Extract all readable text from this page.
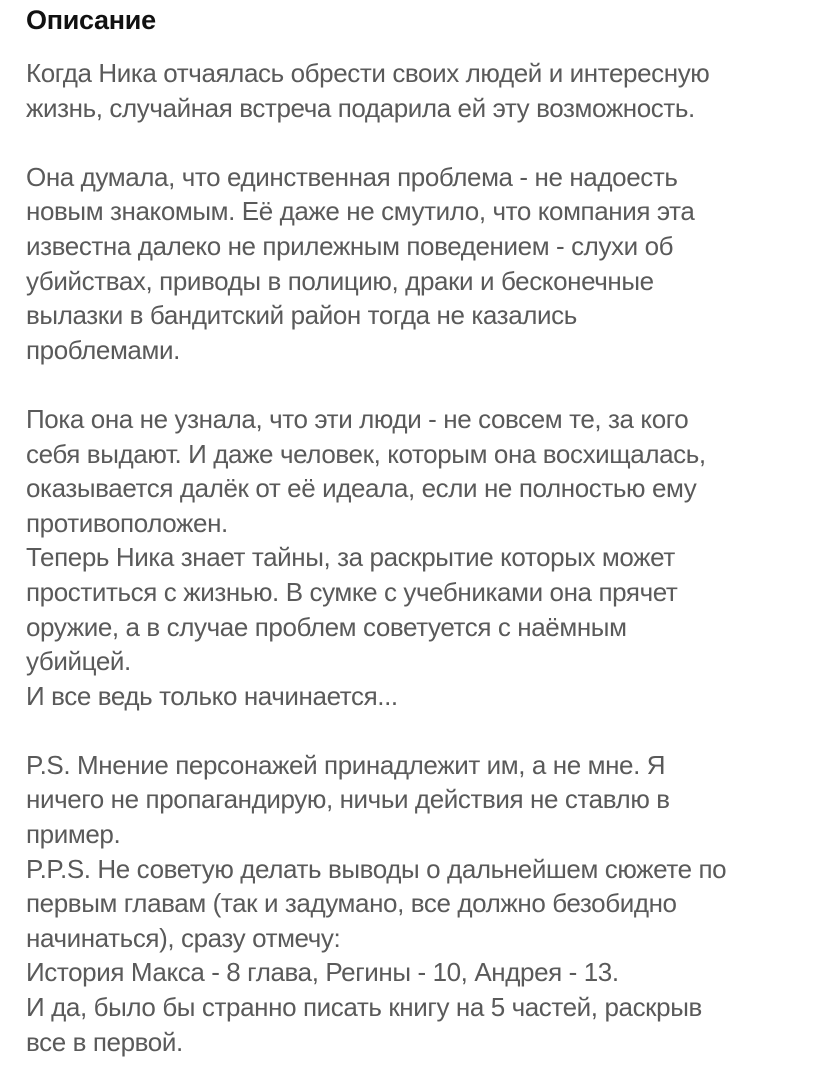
Описание
Когда Ника отчаялась обрести своих людей и интересную
жизнь, случайная встреча подарила ей эту возможность.
Она думала, что единственная проблема - не надоесть
новым знакомым. Её даже не смутило, что компания эта
известна далеко не прилежным поведением - слухи об
убийствах, приводы в полицию, драки и бесконечные
вылазки в бандитский район тогда не казались
проблемами.
Пока она не узнала, что эти люди - не совсем те, за кого
себя выдают. И даже человек, которым она восхищалась,
оказывается далёк от её идеала, если не полностью ему
противоположен.
Теперь Ника знает тайны, за раскрытие которых может
проститься с жизнью. В сумке с учебниками она прячет
оружие, а в случае проблем советуется с наёмным
убийцей.
И все ведь только начинается...
P.S. Мнение персонажей принадлежит им, а не мне. Я
ничего не пропагандирую, ничьи действия не ставлю в
пример.
P.P.S. Не советую делать выводы о дальнейшем сюжете по
первым главам (так и задумано, все должно безобидно
начинаться), сразу отмечу:
История Макса - 8 глава, Регины - 10, Андрея - 13.
И да, было бы странно писать книгу на 5 частей, раскрыв
все в первой.
